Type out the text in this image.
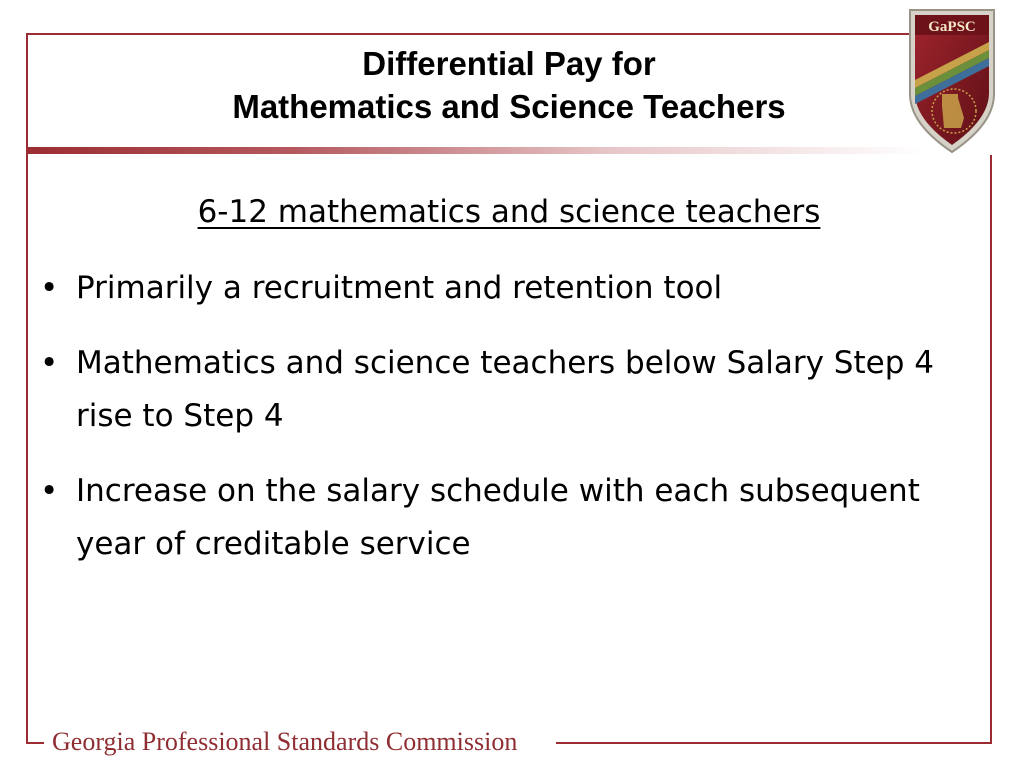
Differential Pay for
Mathematics and Science Teachers
6-12 mathematics and science teachers
• Primarily a recruitment and retention tool
• Mathematics and science teachers below Salary Step 4 rise to Step 4
• Increase on the salary schedule with each subsequent year of creditable service
Georgia Professional Standards Commission
GaPSC
